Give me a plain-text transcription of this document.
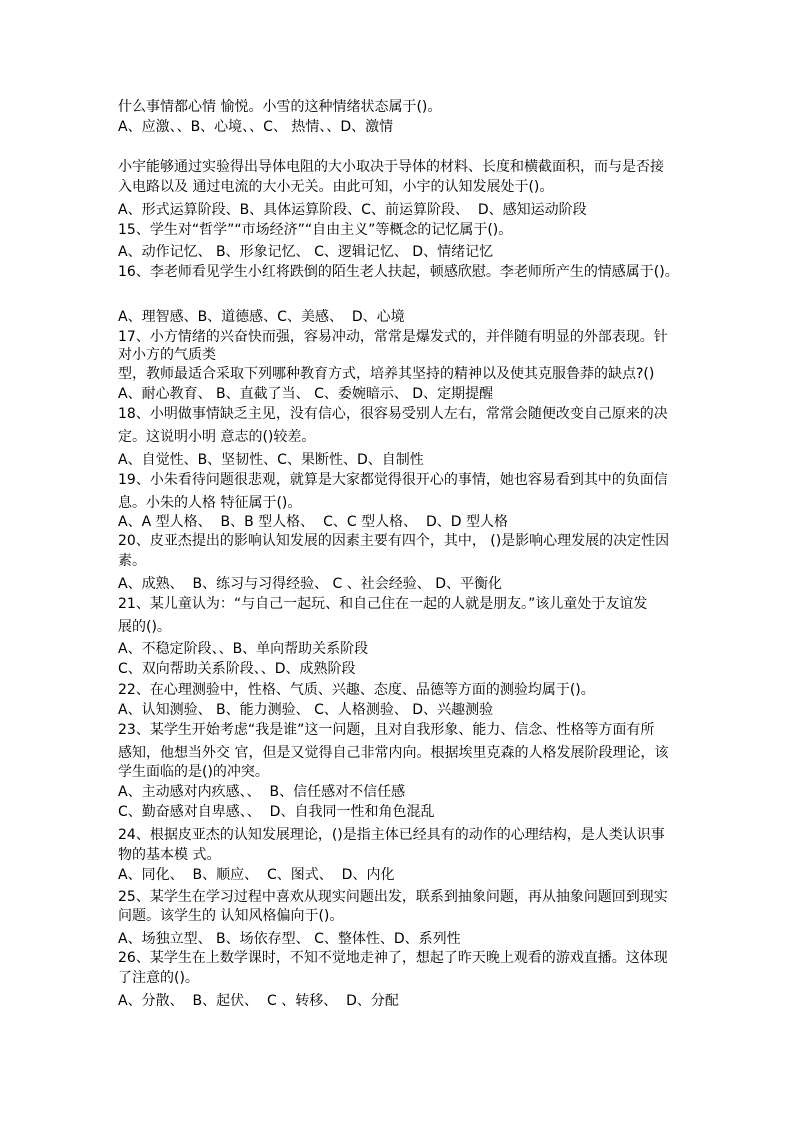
什么事情都心情 愉悦。小雪的这种情绪状态属于()。
A、应激、、B、心境、、C、 热情、、D、激情
小宇能够通过实验得出导体电阻的大小取决于导体的材料、长度和横截面积，而与是否接
入电路以及 通过电流的大小无关。由此可知，小宇的认知发展处于()。
A、形式运算阶段、B、具体运算阶段、C、前运算阶段、  D、感知运动阶段
15、学生对“哲学”“市场经济”“自由主义”等概念的记忆属于()。
A、动作记忆、 B、形象记忆、 C、逻辑记忆、 D、情绪记忆
16、李老师看见学生小红将跌倒的陌生老人扶起，顿感欣慰。李老师所产生的情感属于()。
A、理智感、B、道德感、C、美感、  D、心境
17、小方情绪的兴奋快而强，容易冲动，常常是爆发式的，并伴随有明显的外部表现。针
对小方的气质类
型，教师最适合采取下列哪种教育方式，培养其坚持的精神以及使其克服鲁莽的缺点?()
A、耐心教育、 B、直截了当、 C、委婉暗示、 D、定期提醒
18、小明做事情缺乏主见，没有信心，很容易受别人左右，常常会随便改变自己原来的决
定。这说明小明 意志的()较差。
A、自觉性、B、坚韧性、C、果断性、D、自制性
19、小朱看待问题很悲观，就算是大家都觉得很开心的事情，她也容易看到其中的负面信
息。小朱的人格 特征属于()。
A、A 型人格、  B、B 型人格、  C、C 型人格、  D、D 型人格
20、皮亚杰提出的影响认知发展的因素主要有四个，其中， ()是影响心理发展的决定性因
素。
A、成熟、  B、练习与习得经验、 C 、社会经验、 D、平衡化
21、某儿童认为：“与自己一起玩、和自己住在一起的人就是朋友。”该儿童处于友谊发
展的()。
A、不稳定阶段、、B、单向帮助关系阶段
C、双向帮助关系阶段、、D、成熟阶段
22、在心理测验中，性格、气质、兴趣、态度、品德等方面的测验均属于()。
A、认知测验、 B、能力测验、 C、人格测验、 D、兴趣测验
23、某学生开始考虑“我是谁”这一问题，且对自我形象、能力、信念、性格等方面有所
感知，他想当外交 官，但是又觉得自己非常内向。根据埃里克森的人格发展阶段理论，该
学生面临的是()的冲突。
A、主动感对内疚感、、  B、信任感对不信任感
C、勤奋感对自卑感、、  D、自我同一性和角色混乱
24、根据皮亚杰的认知发展理论，()是指主体已经具有的动作的心理结构，是人类认识事
物的基本模 式。
A、同化、  B、顺应、  C、图式、  D、内化
25、某学生在学习过程中喜欢从现实问题出发，联系到抽象问题，再从抽象问题回到现实
问题。该学生的 认知风格偏向于()。
A、场独立型、 B、场依存型、 C、整体性、D、系列性
26、某学生在上数学课时，不知不觉地走神了，想起了昨天晚上观看的游戏直播。这体现
了注意的()。
A、分散、  B、起伏、  C 、转移、  D、分配
